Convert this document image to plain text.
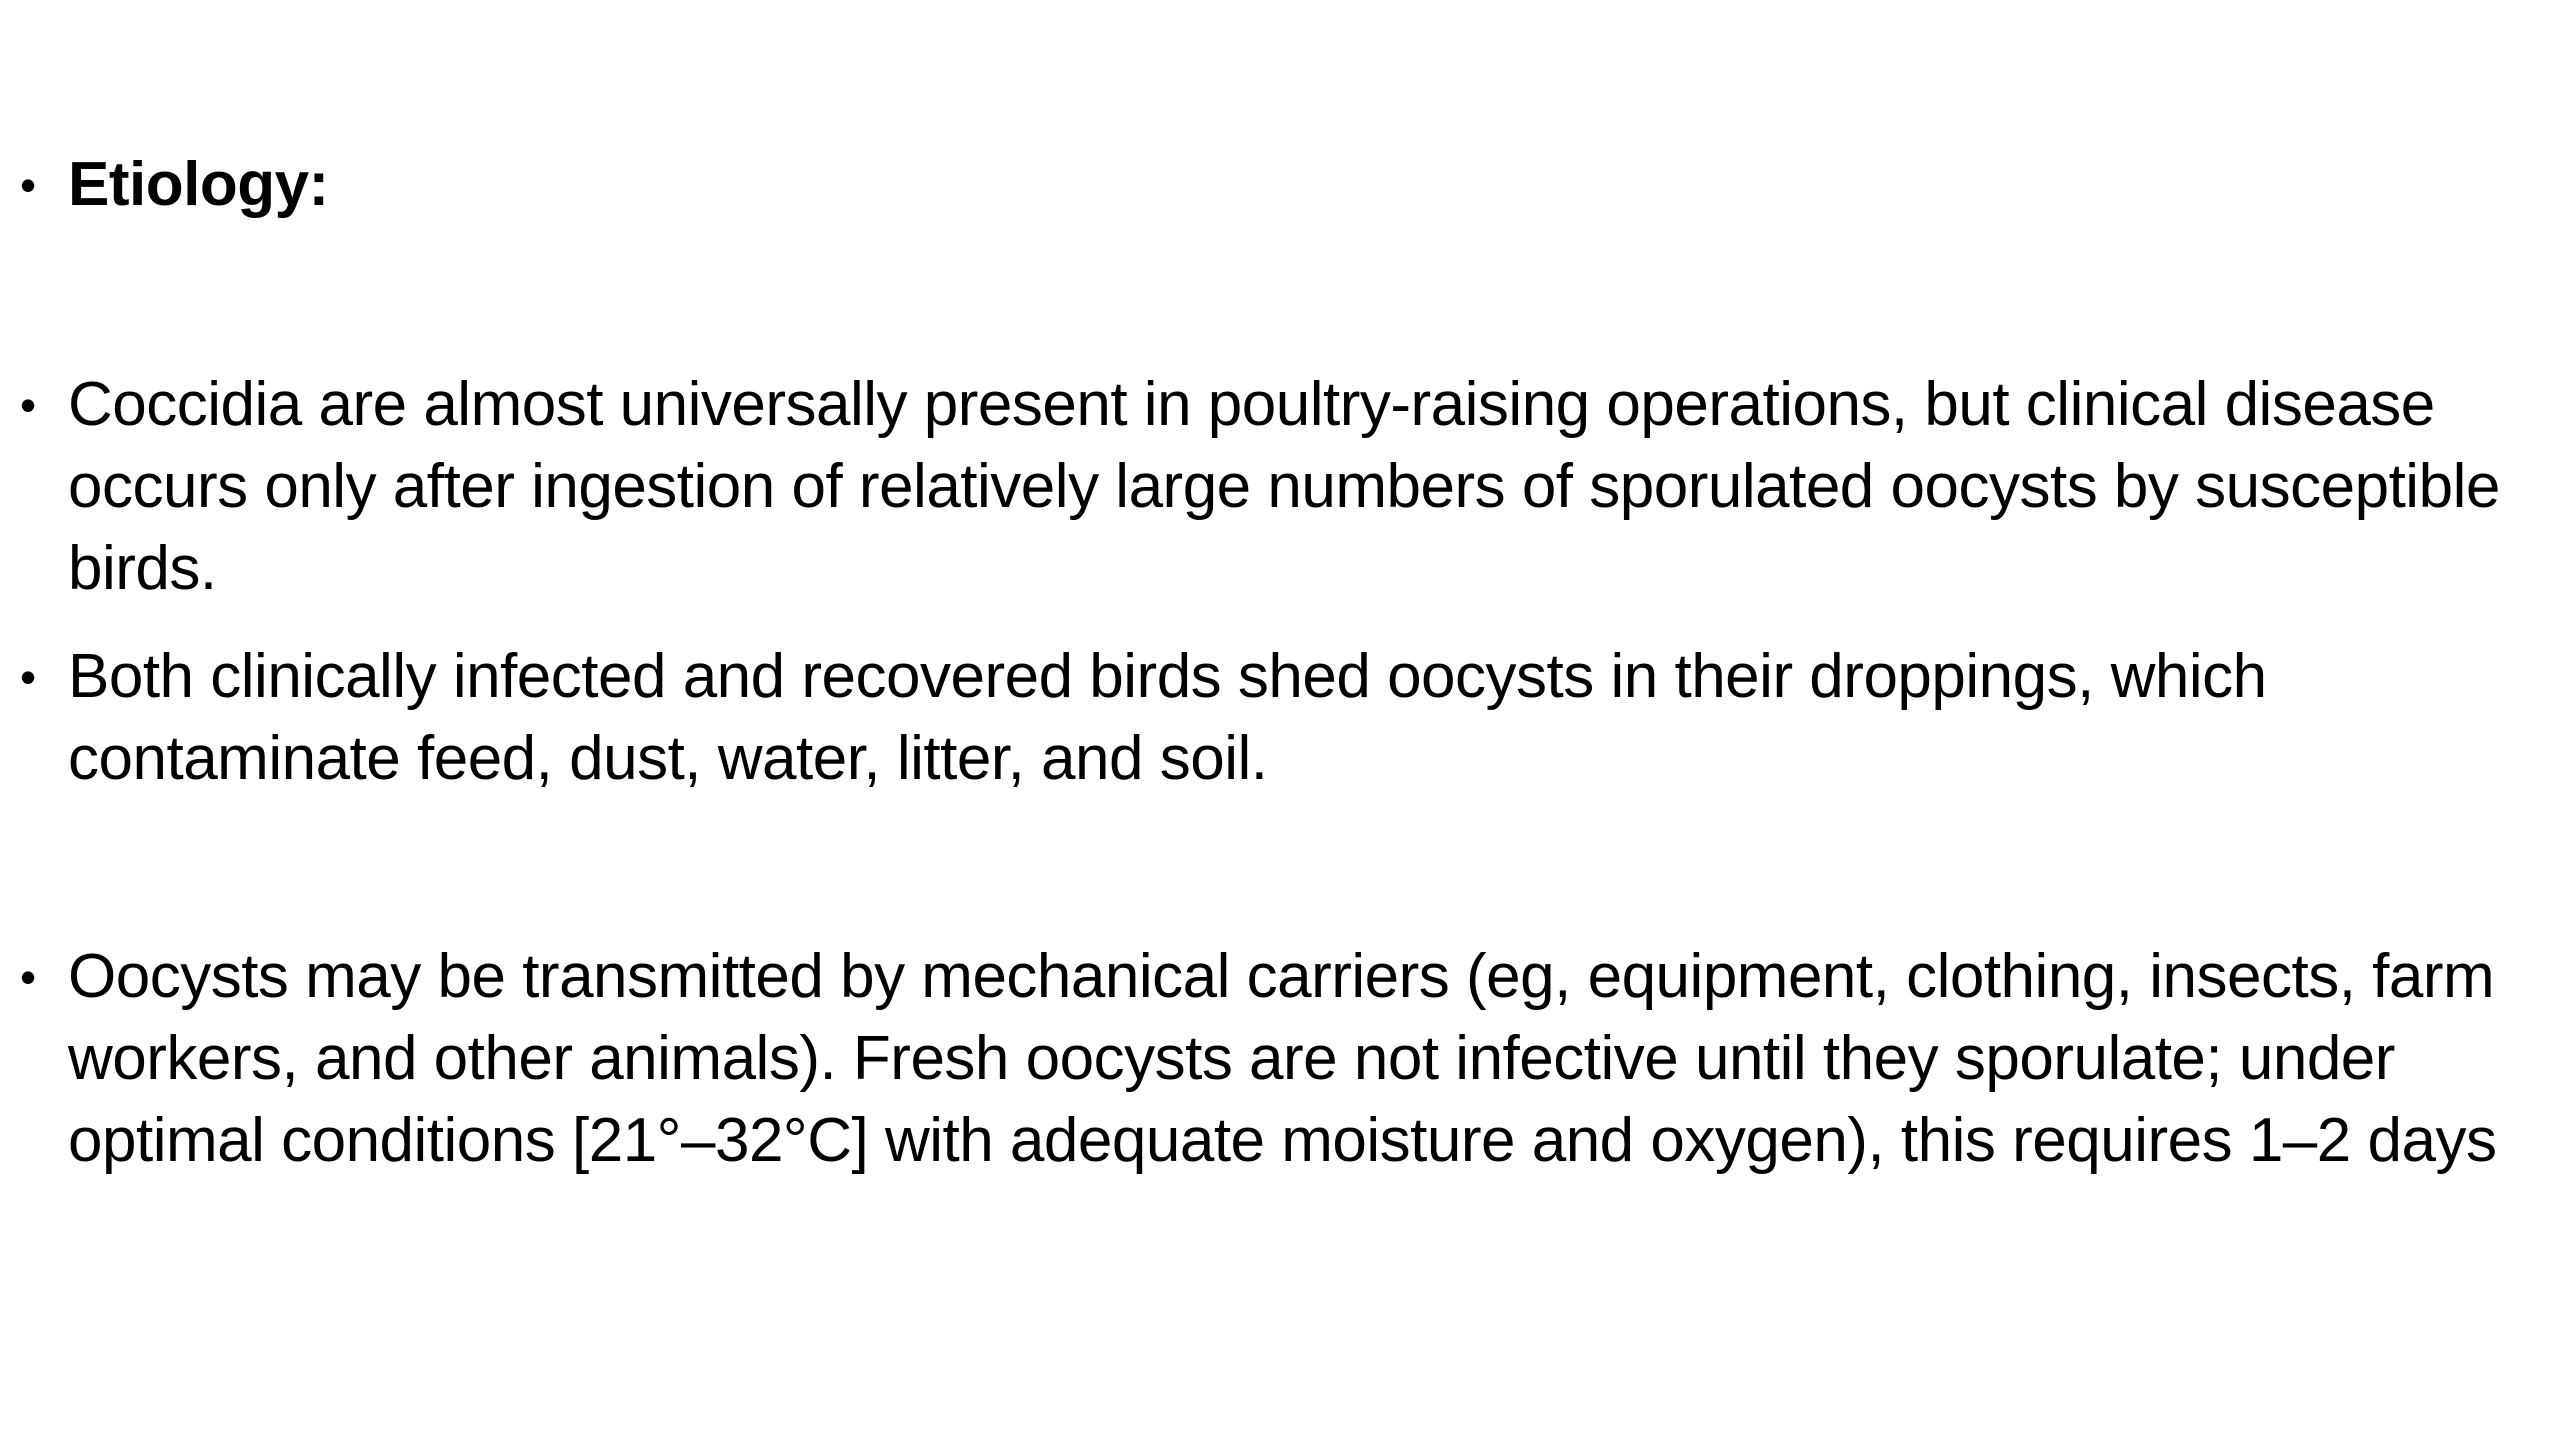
• Etiology:
• Coccidia are almost universally present in poultry-raising operations, but clinical disease occurs only after ingestion of relatively large numbers of sporulated oocysts by susceptible birds.
• Both clinically infected and recovered birds shed oocysts in their droppings, which contaminate feed, dust, water, litter, and soil.
• Oocysts may be transmitted by mechanical carriers (eg, equipment, clothing, insects, farm workers, and other animals). Fresh oocysts are not infective until they sporulate; under optimal conditions [21°–32°C] with adequate moisture and oxygen), this requires 1–2 days
